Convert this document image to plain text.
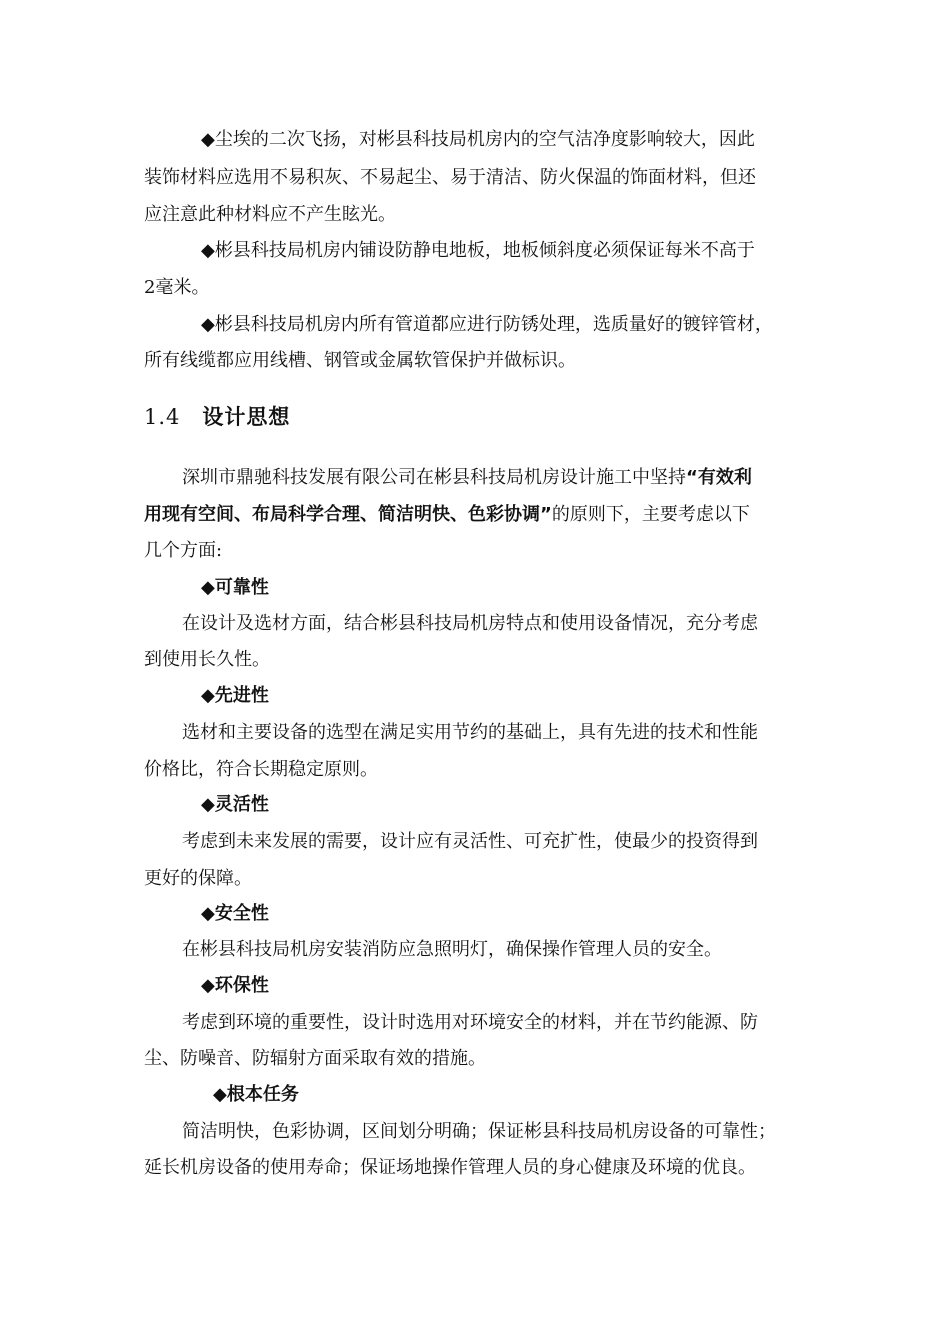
◆尘埃的二次飞扬，对彬县科技局机房内的空气洁净度影响较大，因此
装饰材料应选用不易积灰、不易起尘、易于清洁、防火保温的饰面材料，但还
应注意此种材料应不产生眩光。
◆彬县科技局机房内铺设防静电地板，地板倾斜度必须保证每米不高于
2毫米。
◆彬县科技局机房内所有管道都应进行防锈处理，选质量好的镀锌管材，
所有线缆都应用线槽、钢管或金属软管保护并做标识。
1.4 设计思想
深圳市鼎驰科技发展有限公司在彬县科技局机房设计施工中坚持“有效利
用现有空间、布局科学合理、简洁明快、色彩协调”的原则下，主要考虑以下
几个方面:
◆可靠性
在设计及选材方面，结合彬县科技局机房特点和使用设备情况，充分考虑
到使用长久性。
◆先进性
选材和主要设备的选型在满足实用节约的基础上，具有先进的技术和性能
价格比，符合长期稳定原则。
◆灵活性
考虑到未来发展的需要，设计应有灵活性、可充扩性，使最少的投资得到
更好的保障。
◆安全性
在彬县科技局机房安装消防应急照明灯，确保操作管理人员的安全。
◆环保性
考虑到环境的重要性，设计时选用对环境安全的材料，并在节约能源、防
尘、防噪音、防辐射方面采取有效的措施。
◆根本任务
简洁明快，色彩协调，区间划分明确；保证彬县科技局机房设备的可靠性；
延长机房设备的使用寿命；保证场地操作管理人员的身心健康及环境的优良。
